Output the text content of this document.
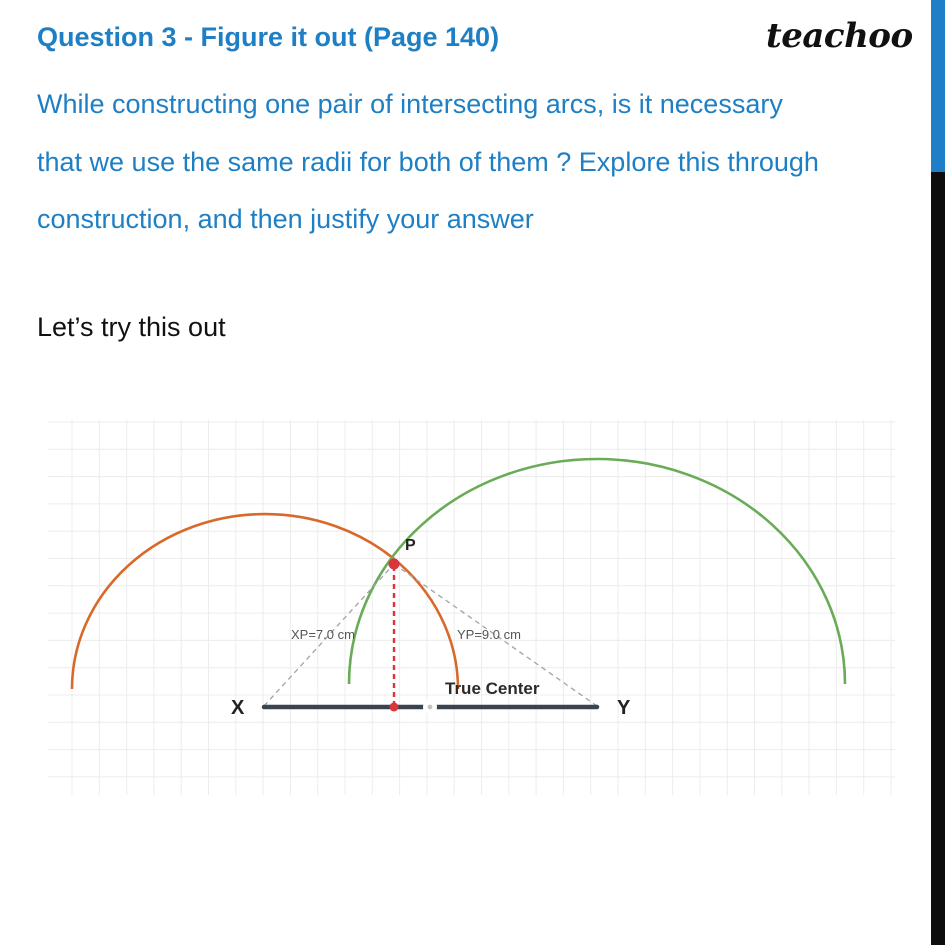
Question 3 - Figure it out (Page 140)	teachoo
While constructing one pair of intersecting arcs, is it necessary
that we use the same radii for both of them ? Explore this through
construction, and then justify your answer
Let’s try this out
P
X	Y
XP=7.0 cm	YP=9.0 cm
True Center
